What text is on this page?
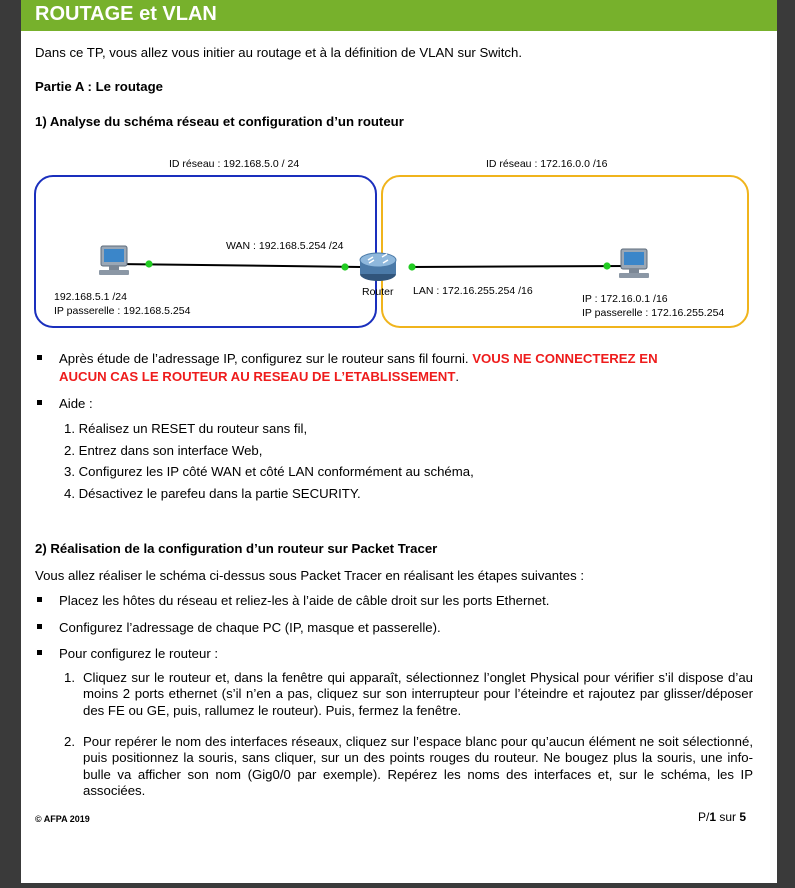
ROUTAGE et VLAN
Dans ce TP, vous allez vous initier au routage et à la définition de VLAN sur Switch.
Partie A : Le routage
1) Analyse du schéma réseau et configuration d’un routeur
ID réseau : 192.168.5.0 / 24	ID réseau : 172.16.0.0 /16
Router
WAN : 192.168.5.254 /24
LAN : 172.16.255.254 /16
192.168.5.1 /24
IP passerelle : 192.168.5.254
IP : 172.16.0.1 /16
IP passerelle : 172.16.255.254
Après étude de l’adressage IP, configurez sur le routeur sans fil fourni. VOUS NE CONNECTEREZ EN
AUCUN CAS LE ROUTEUR AU RESEAU DE L’ETABLISSEMENT.
Aide :
1. Réalisez un RESET du routeur sans fil,
2. Entrez dans son interface Web,
3. Configurez les IP côté WAN et côté LAN conformément au schéma,
4. Désactivez le parefeu dans la partie SECURITY.
2) Réalisation de la configuration d’un routeur sur Packet Tracer
Vous allez réaliser le schéma ci-dessus sous Packet Tracer en réalisant les étapes suivantes :
Placez les hôtes du réseau et reliez-les à l’aide de câble droit sur les ports Ethernet.
Configurez l’adressage de chaque PC (IP, masque et passerelle).
Pour configurez le routeur :
1. Cliquez sur le routeur et, dans la fenêtre qui apparaît, sélectionnez l’onglet Physical pour vérifier s’il dispose d’au moins 2 ports ethernet (s’il n’en a pas, cliquez sur son interrupteur pour l’éteindre et rajoutez par glisser/déposer des FE ou GE, puis, rallumez le routeur). Puis, fermez la fenêtre.
2. Pour repérer le nom des interfaces réseaux, cliquez sur l’espace blanc pour qu’aucun élément ne soit sélectionné, puis positionnez la souris, sans cliquer, sur un des points rouges du routeur. Ne bougez plus la souris, une info-bulle va afficher son nom (Gig0/0 par exemple). Repérez les noms des interfaces et, sur le schéma, les IP associées.
© AFPA 2019	P/1 sur 5
